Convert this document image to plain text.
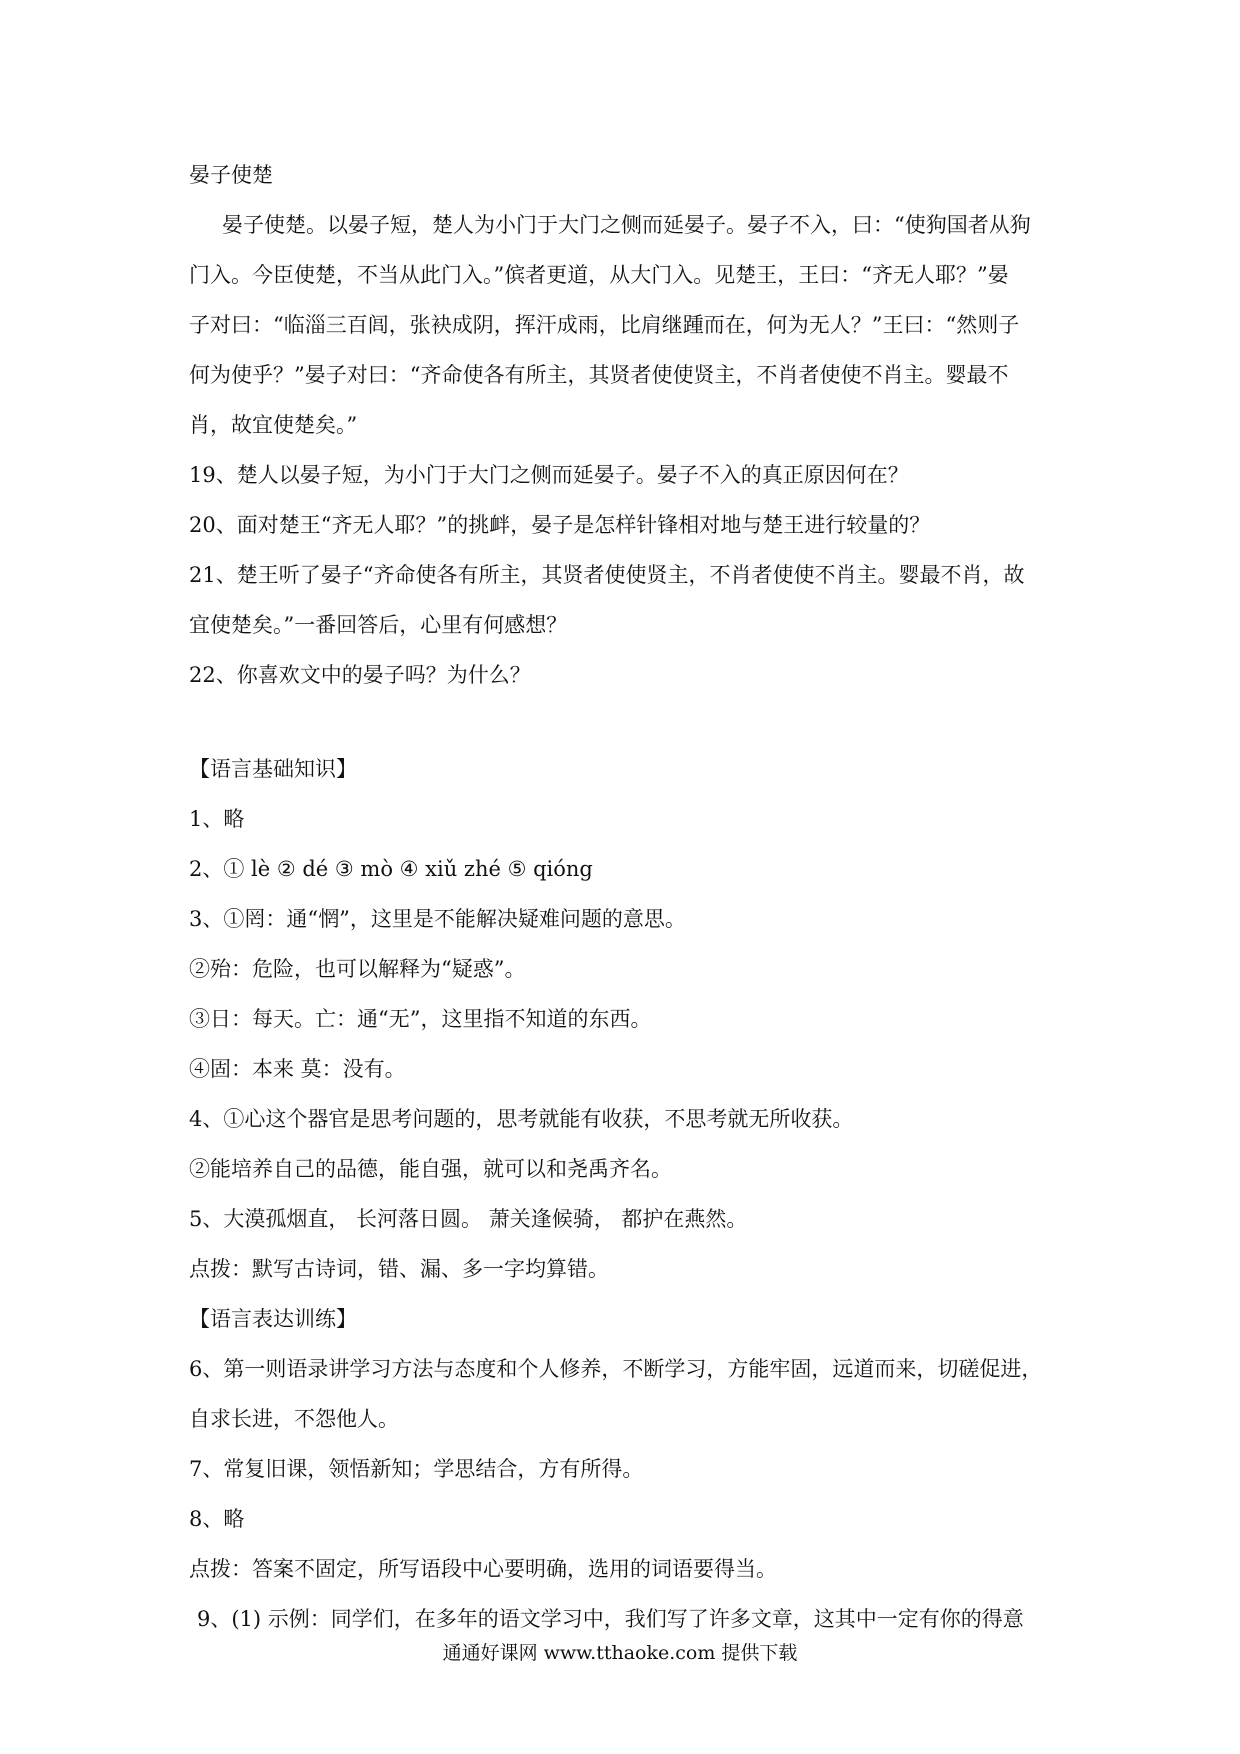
晏子使楚

晏子使楚。以晏子短，楚人为小门于大门之侧而延晏子。晏子不入，曰：“使狗国者从狗

门入。今臣使楚，不当从此门入。”傧者更道，从大门入。见楚王，王曰：“齐无人耶？”晏

子对曰：“临淄三百闾，张袂成阴，挥汗成雨，比肩继踵而在，何为无人？”王曰：“然则子

何为使乎？”晏子对曰：“齐命使各有所主，其贤者使使贤主，不肖者使使不肖主。婴最不

肖，故宜使楚矣。”

19、楚人以晏子短，为小门于大门之侧而延晏子。晏子不入的真正原因何在？

20、面对楚王“齐无人耶？”的挑衅，晏子是怎样针锋相对地与楚王进行较量的？

21、楚王听了晏子“齐命使各有所主，其贤者使使贤主，不肖者使使不肖主。婴最不肖，故

宜使楚矣。”一番回答后，心里有何感想？

22、你喜欢文中的晏子吗？为什么？

【语言基础知识】

1、略

2、① lè ② dé ③ mò ④ xiǔ zhé ⑤ qióng

3、①罔：通“惘”，这里是不能解决疑难问题的意思。

②殆：危险，也可以解释为“疑惑”。

③日：每天。亡：通“无”，这里指不知道的东西。

④固：本来 莫：没有。

4、①心这个器官是思考问题的，思考就能有收获，不思考就无所收获。

②能培养自己的品德，能自强，就可以和尧禹齐名。

5、大漠孤烟直， 长河落日圆。 萧关逢候骑， 都护在燕然。

点拨：默写古诗词，错、漏、多一字均算错。

【语言表达训练】

6、第一则语录讲学习方法与态度和个人修养，不断学习，方能牢固，远道而来，切磋促进，

自求长进，不怨他人。

7、常复旧课，领悟新知；学思结合，方有所得。

8、略

点拨：答案不固定，所写语段中心要明确，选用的词语要得当。

9、(1) 示例：同学们，在多年的语文学习中，我们写了许多文章，这其中一定有你的得意

通通好课网 www.tthaoke.com 提供下载
